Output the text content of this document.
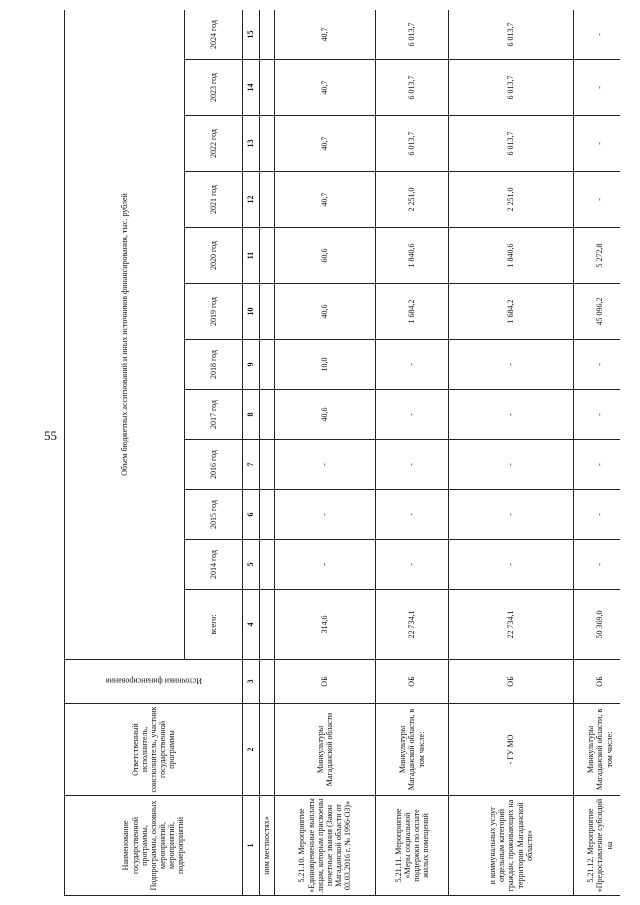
55
Наименование государственной программы, Подпрограммы, основных мероприятий, мероприятий, подмероприятий	Ответственный исполнитель, соисполнитель, участник государственной программы	Источники финансирования	Объем бюджетных ассигнований и иных источников финансирования, тыс. рублей											
			всего:	2014 год	2015 год	2016 год	2017 год	2018 год	2019 год	2020 год	2021 год	2022 год	2023 год	2024 год
1	2	3	4	5	6	7	8	9	10	11	12	13	14	15
ним местностях»														
5.21.10. Мероприятие «Единовременные выплаты лицам, которым присвоены почетные звания (Закон Магаданской области от 03.03.2016 г. № 1996-ОЗ)»	Минкультуры Магаданской области	ОБ	314,6	-	-	-	40,6	10,0	40,6	60,6	40,7	40,7	40,7	40,7
5.21.11. Мероприятие «Меры социальной поддержки по оплате жилых помещений	Минкультуры Магаданской области, в том числе:	ОБ	22 734,1	-	-	-	-	-	1 684,2	1 840,6	2 251,0	6 013,7	6 013,7	6 013,7
и коммунальных услуг отдельным категорий граждан, проживающих на территории Магаданской области»	- ГУ МО	ОБ	22 734,1	-	-	-	-	-	1 684,2	1 840,6	2 251,0	6 013,7	6 013,7	6 013,7
5.21.12. Мероприятие «Предоставление субсидий на	Минкультуры Магаданской области, в том числе:	ОБ	50 369,0	-	-	-	-	-	45 096,2	5 272,8	-	-	-	-
